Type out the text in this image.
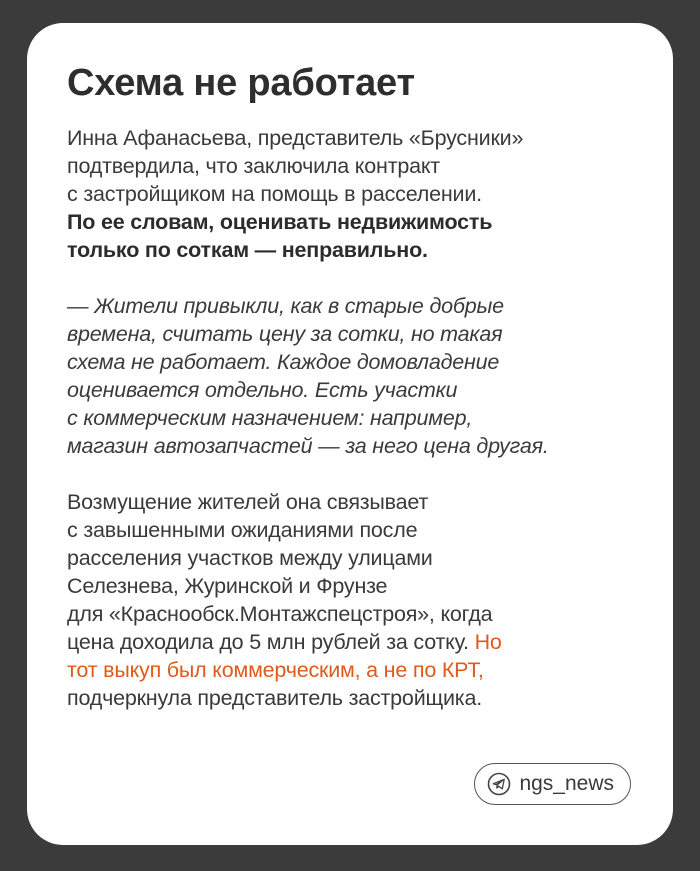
Схема не работает

Инна Афанасьева, представитель «Брусники»
подтвердила, что заключила контракт
с застройщиком на помощь в расселении.
По ее словам, оценивать недвижимость
только по соткам — неправильно.

— Жители привыкли, как в старые добрые
времена, считать цену за сотки, но такая
схема не работает. Каждое домовладение
оценивается отдельно. Есть участки
с коммерческим назначением: например,
магазин автозапчастей — за него цена другая.

Возмущение жителей она связывает
с завышенными ожиданиями после
расселения участков между улицами
Селезнева, Журинской и Фрунзе
для «Краснообск.Монтажспецстроя», когда
цена доходила до 5 млн рублей за сотку. Но
тот выкуп был коммерческим, а не по КРТ,
подчеркнула представитель застройщика.

ngs_news
